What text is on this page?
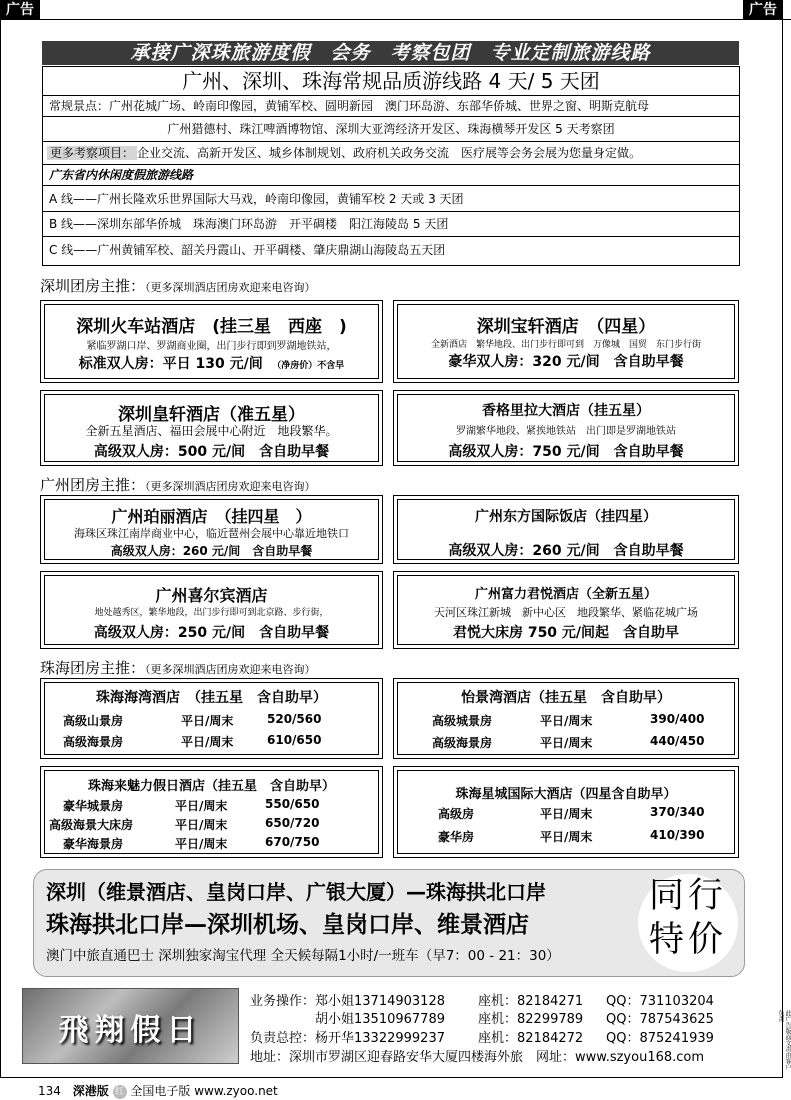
广告	广告
承接广深珠旅游度假　会务　考察包团　专业定制旅游线路
广州、深圳、珠海常规品质游线路 4 天/ 5 天团
常规景点：广州花城广场、岭南印像园，黄铺军校、圆明新园　澳门环岛游、东部华侨城、世界之窗、明斯克航母
广州猎德村、珠江啤酒博物馆、深圳大亚湾经济开发区、珠海横琴开发区 5 天考察团
更多考察项目： 企业交流、高新开发区、城乡体制规划、政府机关政务交流　医疗展等会务会展为您量身定做。
广东省内休闲度假旅游线路
A 线——广州长隆欢乐世界国际大马戏，岭南印像园，黄铺军校 2 天或 3 天团
B 线——深圳东部华侨城　珠海澳门环岛游　开平碉楼　阳江海陵岛 5 天团
C 线——广州黄铺军校、韶关丹霞山、开平碉楼、肇庆鼎湖山海陵岛五天团
深圳团房主推：（更多深圳酒店团房欢迎来电咨询）
深圳火车站酒店　(挂三星　西座　)
紧临罗湖口岸、罗湖商业圈，出门步行即到罗湖地铁站，
标准双人房：平日 130 元/间　 （净房价）不含早
深圳宝轩酒店　（四星）
全新酒店　繁华地段、出门步行即可到　万像城　国贸　东门步行街
豪华双人房：320 元/间　含自助早餐
深圳皇轩酒店（准五星）
全新五星酒店、福田会展中心附近　地段繁华。
高级双人房：500 元/间　含自助早餐
香格里拉大酒店（挂五星）
罗湖繁华地段、紧挨地铁站　出门即是罗湖地铁站
高级双人房：750 元/间　含自助早餐
广州团房主推：（更多深圳酒店团房欢迎来电咨询）
广州珀丽酒店　（挂四星　）
海珠区珠江南岸商业中心，临近琶州会展中心靠近地铁口
高级双人房：260 元/间　含自助早餐
广州东方国际饭店（挂四星）
高级双人房：260 元/间　含自助早餐
广州喜尔宾酒店
地处越秀区，繁华地段，出门步行即可到北京路、步行街，
高级双人房：250 元/间　含自助早餐
广州富力君悦酒店（全新五星）
天河区珠江新城　新中心区　地段繁华、紧临花城广场
君悦大床房 750 元/间起　含自助早
珠海团房主推：（更多深圳酒店团房欢迎来电咨询）
珠海海湾酒店　（挂五星　含自助早）
高级山景房	平日/周末	520/560
高级海景房	平日/周末	610/650
怡景湾酒店（挂五星　含自助早）
高级城景房	平日/周末	390/400
高级海景房	平日/周末	440/450
珠海来魅力假日酒店（挂五星　含自助早）
豪华城景房	平日/周末	550/650
高级海景大床房	平日/周末	650/720
豪华海景房	平日/周末	670/750
珠海星城国际大酒店（四星含自助早）
高级房	平日/周末	370/340
豪华房	平日/周末	410/390
深圳（维景酒店、皇岗口岸、广银大厦）—珠海拱北口岸
珠海拱北口岸—深圳机场、皇岗口岸、维景酒店
澳门中旅直通巴士 深圳独家淘宝代理 全天候每隔1小时/一班车（早7：00 - 21：30）
同行
特价
飛翔假日
业务操作：郑小姐13714903128	座机：82184271 QQ：731103204
　　　　　胡小姐13510967789	座机：82299789 QQ：787543625
负责总控：杨开华13322999237	座机：82184272 QQ：875241939
地址：深圳市罗湖区迎春路安华大厦四楼海外旅　网址：www.szyou168.com	此广告版面文责由客户负责
134 深港版 红 全国电子版 www.zyoo.net
